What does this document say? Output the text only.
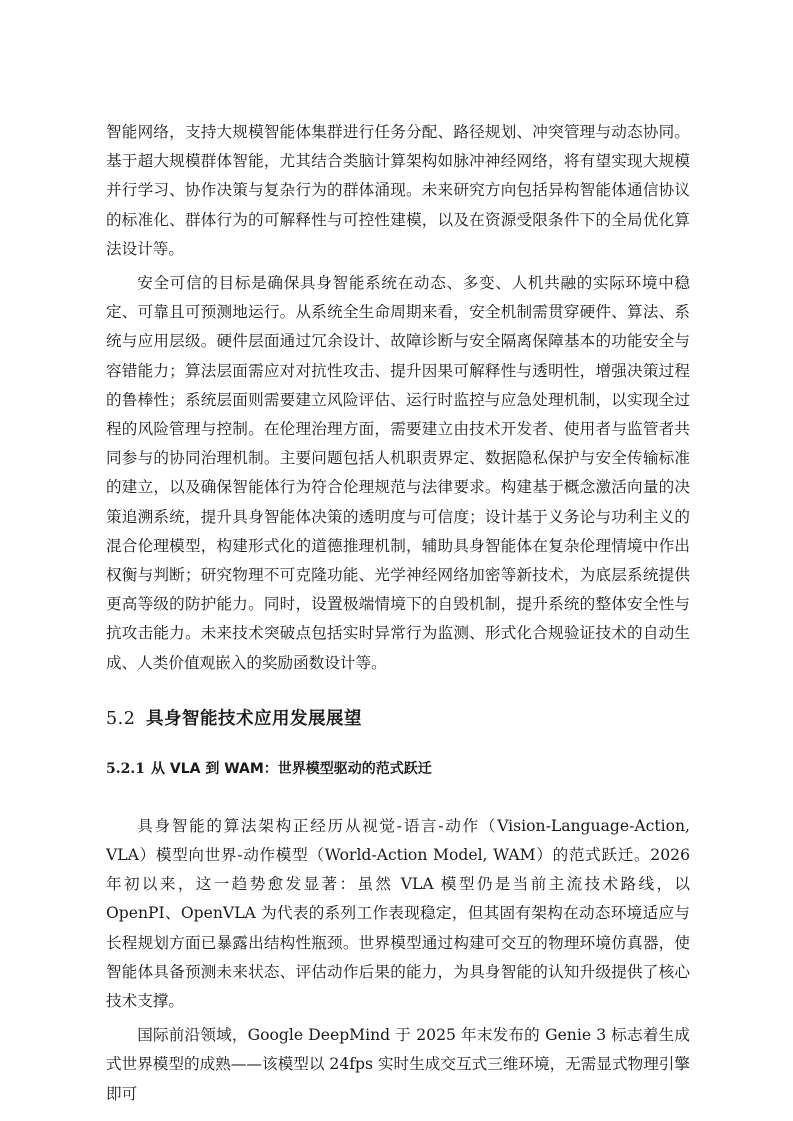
智能网络，支持大规模智能体集群进行任务分配、路径规划、冲突管理与动态协同。基于超大规模群体智能，尤其结合类脑计算架构如脉冲神经网络，将有望实现大规模并行学习、协作决策与复杂行为的群体涌现。未来研究方向包括异构智能体通信协议的标准化、群体行为的可解释性与可控性建模，以及在资源受限条件下的全局优化算法设计等。

安全可信的目标是确保具身智能系统在动态、多变、人机共融的实际环境中稳定、可靠且可预测地运行。从系统全生命周期来看，安全机制需贯穿硬件、算法、系统与应用层级。硬件层面通过冗余设计、故障诊断与安全隔离保障基本的功能安全与容错能力；算法层面需应对对抗性攻击、提升因果可解释性与透明性，增强决策过程的鲁棒性；系统层面则需要建立风险评估、运行时监控与应急处理机制，以实现全过程的风险管理与控制。在伦理治理方面，需要建立由技术开发者、使用者与监管者共同参与的协同治理机制。主要问题包括人机职责界定、数据隐私保护与安全传输标准的建立，以及确保智能体行为符合伦理规范与法律要求。构建基于概念激活向量的决策追溯系统，提升具身智能体决策的透明度与可信度；设计基于义务论与功利主义的混合伦理模型，构建形式化的道德推理机制，辅助具身智能体在复杂伦理情境中作出权衡与判断；研究物理不可克隆功能、光学神经网络加密等新技术，为底层系统提供更高等级的防护能力。同时，设置极端情境下的自毁机制，提升系统的整体安全性与抗攻击能力。未来技术突破点包括实时异常行为监测、形式化合规验证技术的自动生成、人类价值观嵌入的奖励函数设计等。

5.2 具身智能技术应用发展展望
5.2.1 从 VLA 到 WAM：世界模型驱动的范式跃迁

具身智能的算法架构正经历从视觉-语言-动作（Vision-Language-Action, VLA）模型向世界-动作模型（World-Action Model, WAM）的范式跃迁。2026 年初以来，这一趋势愈发显著：虽然 VLA 模型仍是当前主流技术路线，以 OpenPI、OpenVLA 为代表的系列工作表现稳定，但其固有架构在动态环境适应与长程规划方面已暴露出结构性瓶颈。世界模型通过构建可交互的物理环境仿真器，使智能体具备预测未来状态、评估动作后果的能力，为具身智能的认知升级提供了核心技术支撑。

国际前沿领域，Google DeepMind 于 2025 年末发布的 Genie 3 标志着生成式世界模型的成熟——该模型以 24fps 实时生成交互式三维环境，无需显式物理引擎即可
